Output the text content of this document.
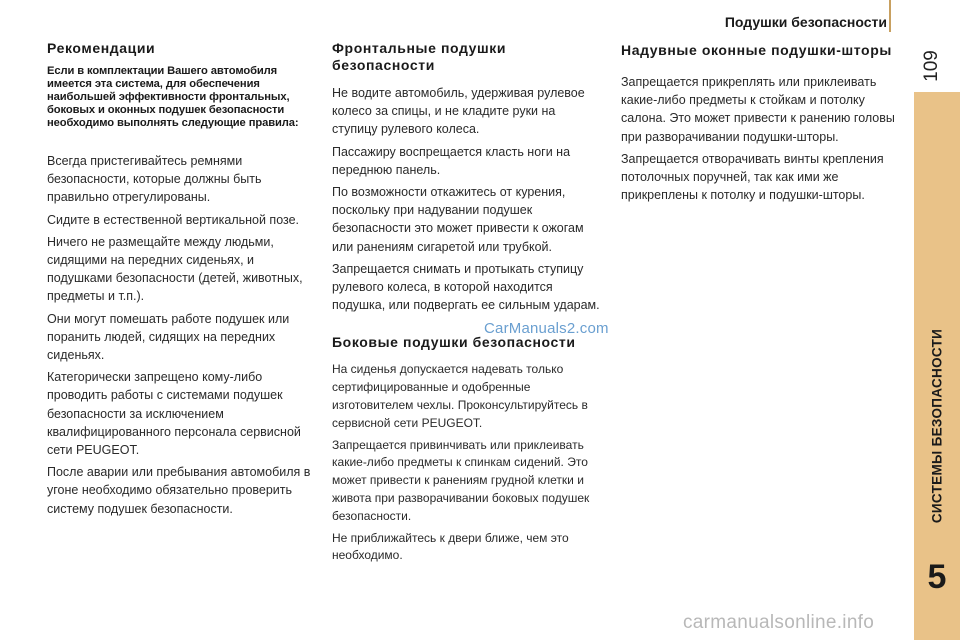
Подушки безопасности
109
СИСТЕМЫ БЕЗОПАСНОСТИ
5
Рекомендации
Если в комплектации Вашего автомобиля имеется эта система, для обеспечения наибольшей эффективности фронтальных, боковых и оконных подушек безопасности необходимо выполнять следующие правила:

Всегда пристегивайтесь ремнями безопасности, которые должны быть правильно отрегулированы.

Сидите в естественной вертикальной позе.

Ничего не размещайте между людьми, сидящими на передних сиденьях, и подушками безопасности (детей, животных, предметы и т.п.).

Они могут помешать работе подушек или поранить людей, сидящих на передних сиденьях.

Категорически запрещено кому-либо проводить работы с системами подушек безопасности за исключением квалифицированного персонала сервисной сети PEUGEOT.

После аварии или пребывания автомобиля в угоне необходимо обязательно проверить систему подушек безопасности.

Фронтальные подушки безопасности

Не водите автомобиль, удерживая рулевое колесо за спицы, и не кладите руки на ступицу рулевого колеса.

Пассажиру воспрещается класть ноги на переднюю панель.

По возможности откажитесь от курения, поскольку при надувании подушек безопасности это может привести к ожогам или ранениям сигаретой или трубкой.

Запрещается снимать и протыкать ступицу рулевого колеса, в которой находится подушка, или подвергать ее сильным ударам.

Боковые подушки безопасности

На сиденья допускается надевать только сертифицированные и одобренные изготовителем чехлы. Проконсультируйтесь в сервисной сети PEUGEOT.

Запрещается привинчивать или приклеивать какие-либо предметы к спинкам сидений. Это может привести к ранениям грудной клетки и живота при разворачивании боковых подушек безопасности.

Не приближайтесь к двери ближе, чем это необходимо.

Надувные оконные подушки-шторы

Запрещается прикреплять или приклеивать какие-либо предметы к стойкам и потолку салона. Это может привести к ранению головы при разворачивании подушки-шторы.

Запрещается отворачивать винты крепления потолочных поручней, так как ими же прикреплены к потолку и подушки-шторы.

CarManuals2.com
carmanualsonline.info
